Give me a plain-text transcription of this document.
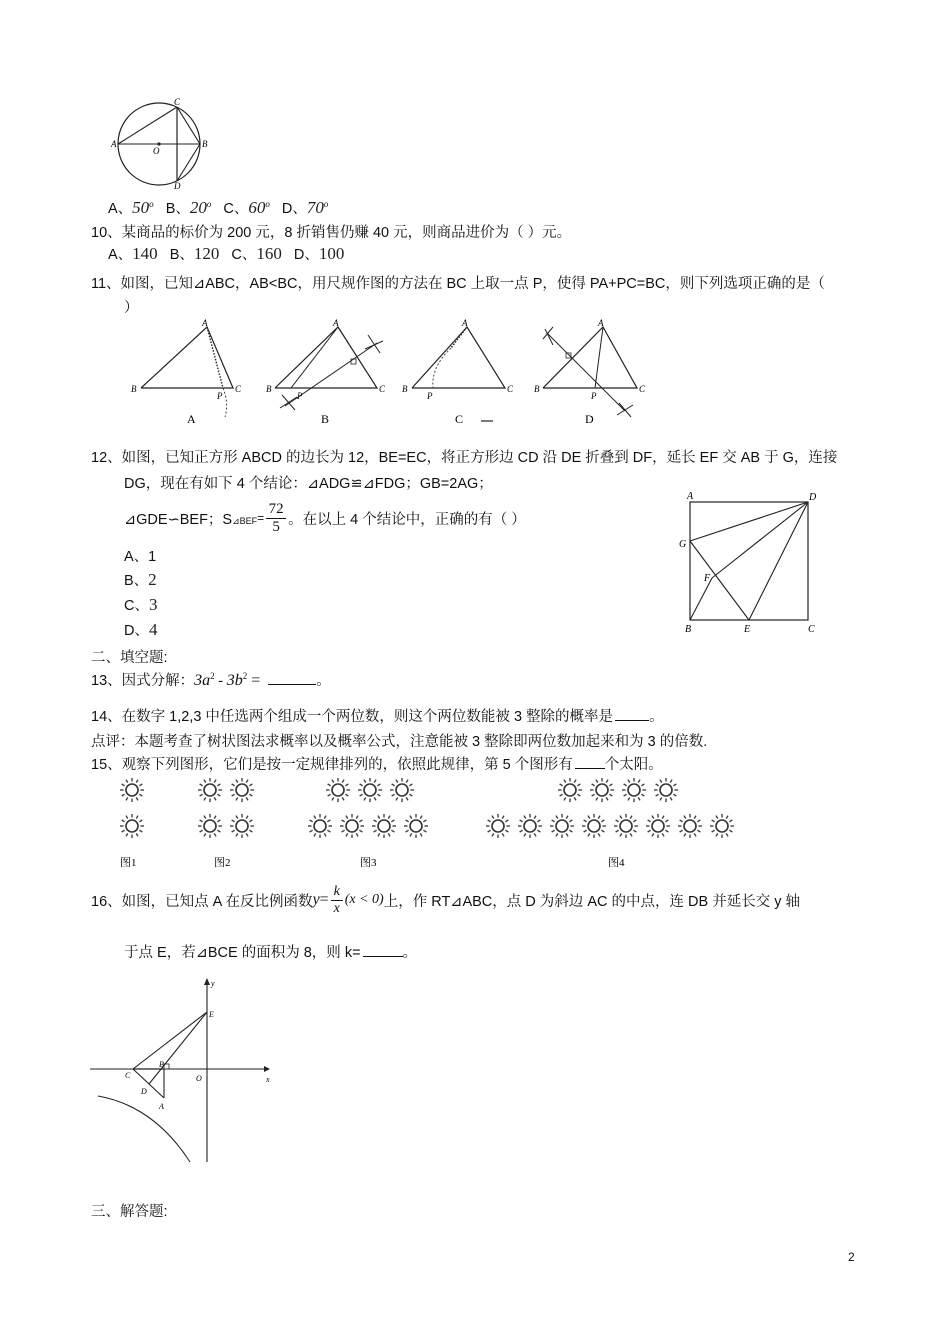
C
A
O
B
D
A、50$^o$ B、20$^o$ C、60$^o$ D、70$^o$
10、某商品的标价为 200 元，8 折销售仍赚 40 元，则商品进价为（ ）元。
A、140 B、120 C、160 D、100
11、如图，已知⊿ABC，AB<BC，用尺规作图的方法在 BC 上取一点 P，使得 PA+PC=BC，则下列选项正确的是（
）
A
B	C
P
A
A
B	C
P
B
A
B	C
P
C
A
B	C
P
D
12、如图，已知正方形 ABCD 的边长为 12，BE=EC，将正方形边 CD 沿 DE 折叠到 DF，延长 EF 交 AB 于 G，连接
DG，现在有如下 4 个结论：⊿ADG≌⊿FDG；GB=2AG；
⊿GDE∽BEF；S ⊿BEF =
72
5 。在以上 4 个结论中，正确的有（ ）
A、1
B、2
C、3
D、4
A	D
G
F
B	E	C
二、填空题:
13、因式分解：$3a^2 - 3b^2$ =	。
14、在数字 1,2,3 中任选两个组成一个两位数，则这个两位数能被 3 整除的概率是 。
点评：本题考查了树状图法求概率以及概率公式，注意能被 3 整除即两位数加起来和为 3 的倍数.
15、观察下列图形，它们是按一定规律排列的，依照此规律，第 5 个图形有 个太阳。
图1	图2	图3	图4
16、如图，已知点 A 在反比例函数 y = k
x
(x < 0) 上，作 RT⊿ABC，点 D 为斜边 AC 的中点，连 DB 并延长交 y 轴
于点 E，若⊿BCE 的面积为 8，则 k=	。
y
E
C
B
O	x
D
A
三、解答题:
2
